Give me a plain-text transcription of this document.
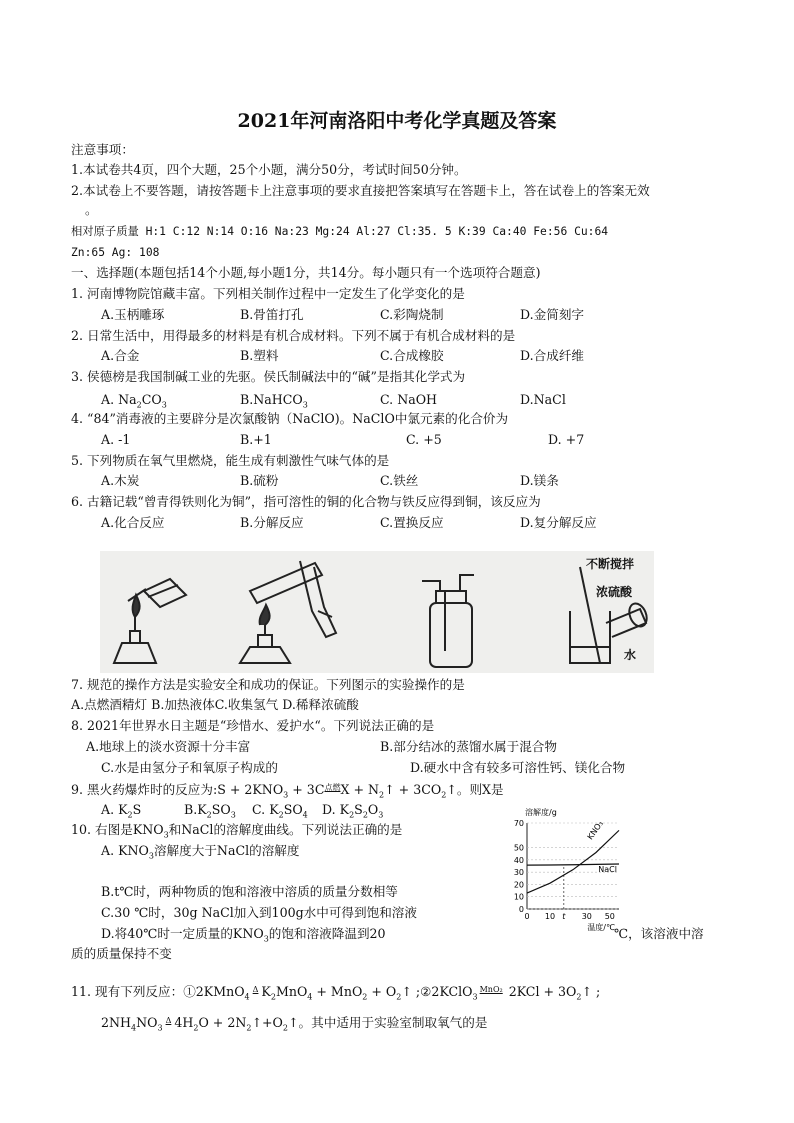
2021年河南洛阳中考化学真题及答案
注意事项：
1.本试卷共4页，四个大题，25个小题，满分50分，考试时间50分钟。
2.本试卷上不要答题，请按答题卡上注意事项的要求直接把答案填写在答题卡上，答在试卷上的答案无效
。
相对原子质量 H:1 C:12 N:14 O:16 Na:23 Mg:24 Al:27 Cl:35. 5 K:39 Ca:40 Fe:56 Cu:64
Zn:65 Ag: 108
一、选择题(本题包括14个小题,每小题1分，共14分。每小题只有一个选项符合题意)
1. 河南博物院馆藏丰富。下列相关制作过程中一定发生了化学变化的是
A.玉柄雕琢	B.骨笛打孔	C.彩陶烧制	D.金简刻字
2. 日常生活中，用得最多的材料是有机合成材料。下列不属于有机合成材料的是
A.合金	B.塑料	C.合成橡胶	D.合成纤维
3. 侯德榜是我国制碱工业的先驱。侯氏制碱法中的“碱”是指其化学式为
A. $Na_2CO_3$	B.NaHCO$_3$	C. NaOH	D.NaCl
4. “84”消毒液的主要辟分是次氯酸钠（NaClO)。NaClO中氯元素的化合价为
A. -1	B.+1	C. +5	D. +7
5. 下列物质在氧气里燃烧，能生成有刺激性气味气体的是
A.木炭	B.硫粉	C.铁丝	D.镁条
6. 古籍记载“曾青得铁则化为铜”，指可溶性的铜的化合物与铁反应得到铜，该反应为
A.化合反应	B.分解反应	C.置换反应	D.复分解反应
不断搅拌
浓硫酸
水
7. 规范的操作方法是实验安全和成功的保证。下列图示的实验操作的是
A.点燃酒精灯 B.加热液体C.收集氢气 D.稀释浓硫酸
8. 2021年世界水日主题是“珍惜水、爱护水“。下列说法正确的是
A.地球上的淡水资源十分丰富	B.部分结冰的蒸馏水属于混合物
C.水是由氢分子和氧原子构成的	D.硬水中含有较多可溶性钙、镁化合物
9. 黑火药爆炸时的反应为:S + $2KNO_3 + 3C^{点燃}X$ + $N_2↑$ + $3CO_2↑$。则X是
A. $K_2S$	$B.K_2SO_3$ C. $K_2SO_4$ D. $K_2S_2O_3$
10. 右图是$KNO_3$和NaCl的溶解度曲线。下列说法正确的是
A. $KNO_3$溶解度大于NaCl的溶解度
B.t℃时，两种物质的饱和溶液中溶质的质量分数相等
C.30 ℃时，30g NaCl加入到100g水中可得到饱和溶液
D.将40℃时一定质量的$KNO_3$的饱和溶液降温到20	℃，该溶液中溶
质的质量保持不变
70
50
40
30
20
10
0
0 10 t 30 50
KNO₃
NaCl
溶解度/g
温度/℃
11. 现有下列反应：①2KMnO$_4^\Delta$ $K_2MnO_4 + MnO_2$ + $O_2↑$ ;②2KClO$_3^{MnO_2}$ $2KCl + 3O_2↑$ ;
$2NH_4NO_3^\Delta$ $4H_2O$ + $2N_2↑+O_2↑$。其中适用于实验室制取氧气的是
